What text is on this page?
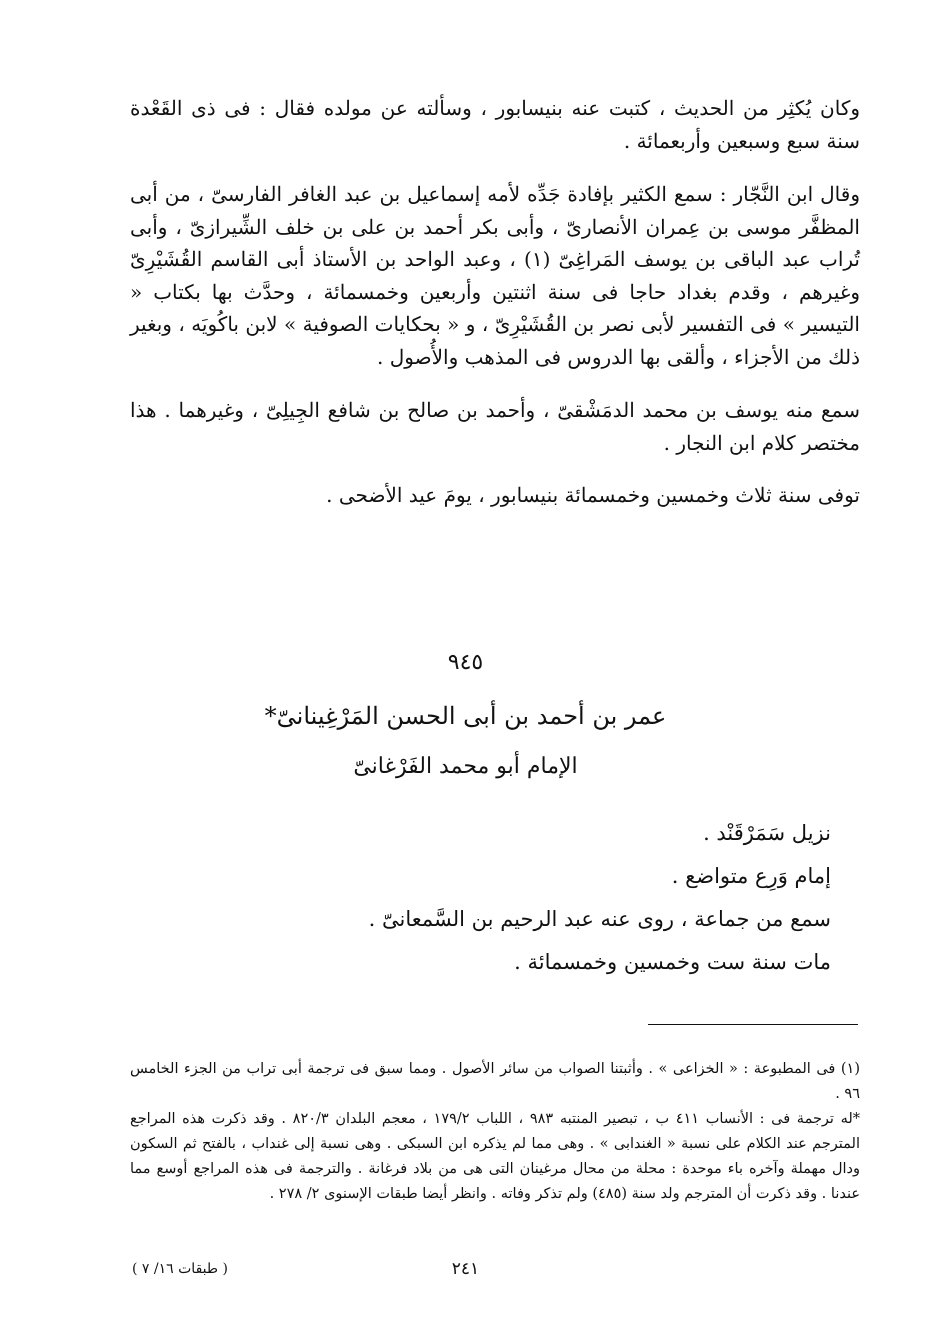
وكان يُكثِر من الحديث ، كتبت عنه بنيسابور ، وسألته عن مولده فقال : فى ذى القَعْدة سنة سبع وسبعين وأربعمائة .

وقال ابن النَّجّار : سمع الكثير بإفادة جَدِّه لأمه إسماعيل بن عبد الغافر الفارسىّ ، من أبى المظفَّر موسى بن عِمران الأنصارىّ ، وأبى بكر أحمد بن على بن خلف الشِّيرازىّ ، وأبى تُراب عبد الباقى بن يوسف المَراغِىّ (١) ، وعبد الواحد بن الأستاذ أبى القاسم القُشَيْرِىّ وغيرهم ، وقدم بغداد حاجا فى سنة اثنتين وأربعين وخمسمائة ، وحدَّث بها بكتاب « التيسير » فى التفسير لأبى نصر بن القُشَيْرِىّ ، و « بحكايات الصوفية » لابن باكُويَه ، وبغير ذلك من الأجزاء ، وألقى بها الدروس فى المذهب والأُصول .

سمع منه يوسف بن محمد الدمَشْقىّ ، وأحمد بن صالح بن شافع الجِيلِىّ ، وغيرهما . هذا مختصر كلام ابن النجار .

توفى سنة ثلاث وخمسين وخمسمائة بنيسابور ، يومَ عيد الأضحى .

٩٤٥
عمر بن أحمد بن أبى الحسن المَرْغِينانىّ*
الإمام أبو محمد الفَرْغانىّ

نزيل سَمَرْقَنْد .

إمام وَرِع متواضع .

سمع من جماعة ، روى عنه عبد الرحيم بن السَّمعانىّ .

مات سنة ست وخمسين وخمسمائة .

(١) فى المطبوعة : « الخزاعى » . وأثبتنا الصواب من سائر الأصول . ومما سبق فى ترجمة أبى تراب من الجزء الخامس ٩٦ .

*له ترجمة فى : الأنساب ٤١١ ب ، تبصير المنتبه ٩٨٣ ، اللباب ١٧٩/٢ ، معجم البلدان ٨٢٠/٣ . وقد ذكرت هذه المراجع المترجم عند الكلام على نسبة « الغندابى » . وهى مما لم يذكره ابن السبكى . وهى نسبة إلى غنداب ، بالفتح ثم السكون ودال مهملة وآخره باء موحدة : محلة من محال مرغينان التى هى من بلاد فرغانة . والترجمة فى هذه المراجع أوسع مما عندنا . وقد ذكرت أن المترجم ولد سنة (٤٨٥) ولم تذكر وفاته . وانظر أيضا طبقات الإسنوى ٢/ ٢٧٨ .

٢٤١
( طبقات ١٦/ ٧ )
